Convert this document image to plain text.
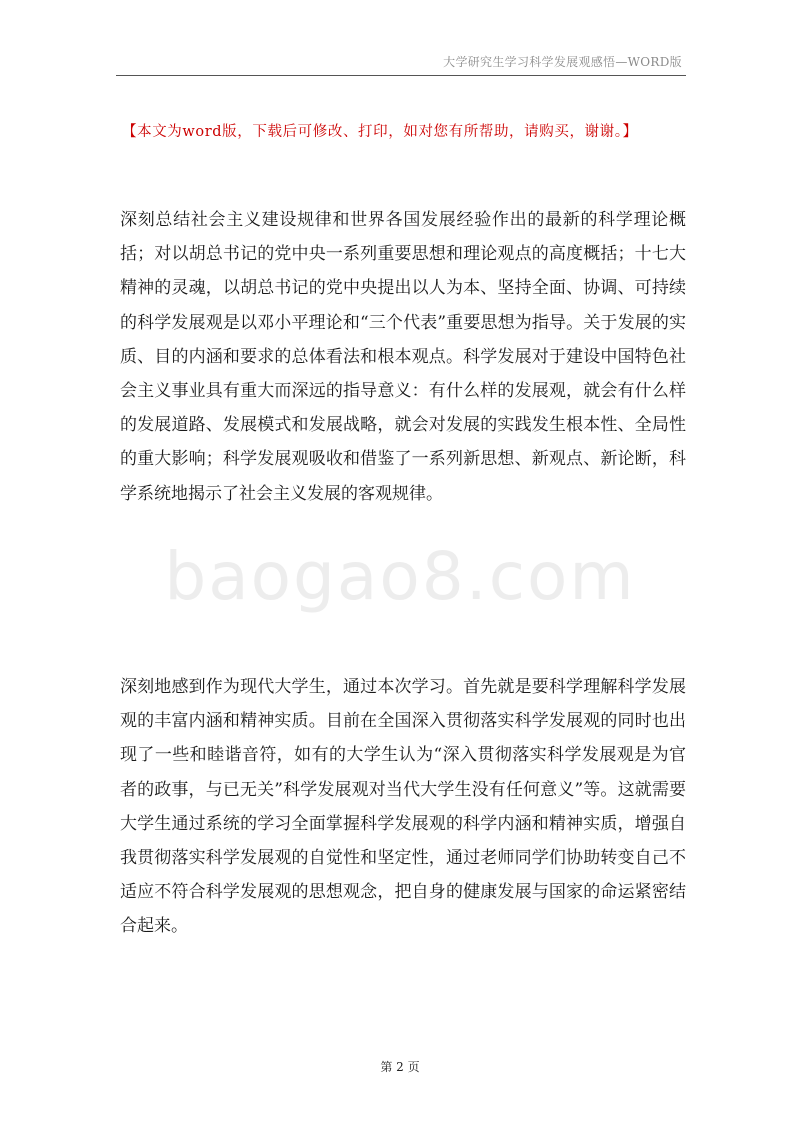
大学研究生学习科学发展观感悟—WORD版
【本文为word版，下载后可修改、打印，如对您有所帮助，请购买，谢谢。】
baogao8.com

深刻总结社会主义建设规律和世界各国发展经验作出的最新的科学理论概括；对以胡总书记的党中央一系列重要思想和理论观点的高度概括；十七大精神的灵魂，以胡总书记的党中央提出以人为本、坚持全面、协调、可持续的科学发展观是以邓小平理论和“三个代表”重要思想为指导。关于发展的实质、目的内涵和要求的总体看法和根本观点。科学发展对于建设中国特色社会主义事业具有重大而深远的指导意义：有什么样的发展观，就会有什么样的发展道路、发展模式和发展战略，就会对发展的实践发生根本性、全局性的重大影响；科学发展观吸收和借鉴了一系列新思想、新观点、新论断，科学系统地揭示了社会主义发展的客观规律。

深刻地感到作为现代大学生，通过本次学习。首先就是要科学理解科学发展观的丰富内涵和精神实质。目前在全国深入贯彻落实科学发展观的同时也出现了一些和睦谐音符，如有的大学生认为“深入贯彻落实科学发展观是为官者的政事，与已无关”科学发展观对当代大学生没有任何意义”等。这就需要大学生通过系统的学习全面掌握科学发展观的科学内涵和精神实质，增强自我贯彻落实科学发展观的自觉性和坚定性，通过老师同学们协助转变自己不适应不符合科学发展观的思想观念，把自身的健康发展与国家的命运紧密结合起来。

第 2 页
